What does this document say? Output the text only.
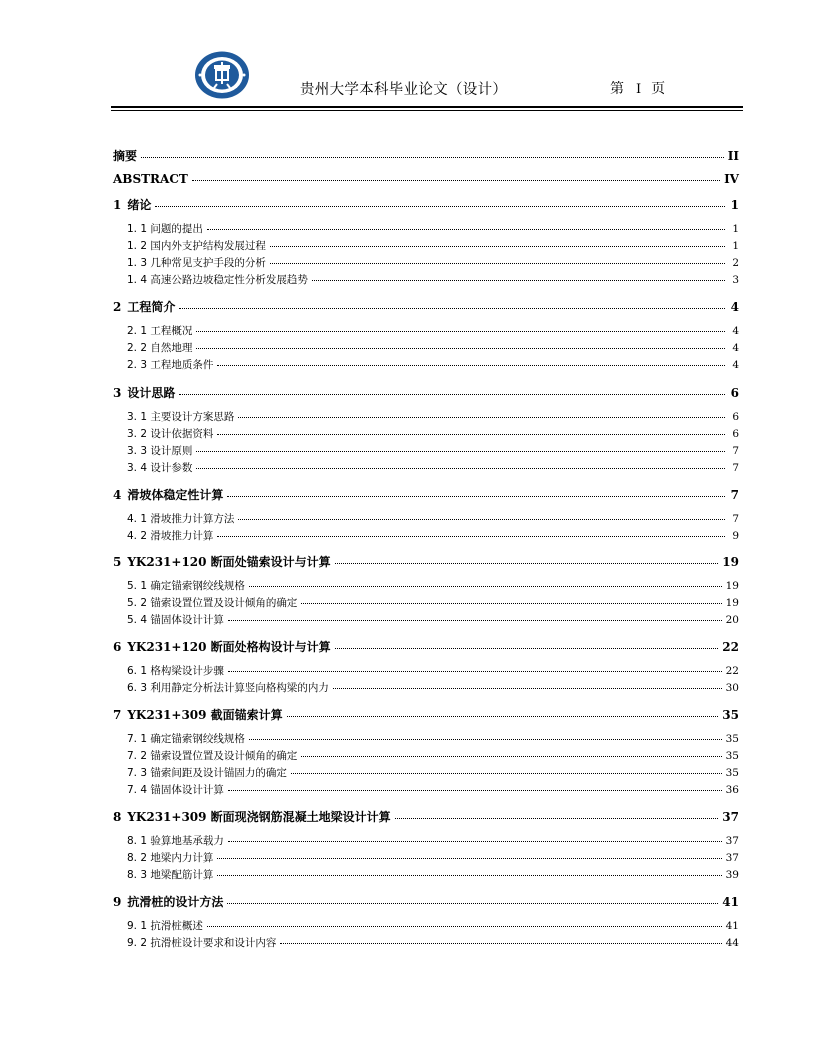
贵州大学本科毕业论文（设计）	第 I 页
摘要	II
ABSTRACT	IV
1 绪论	1
1. 1 问题的提出	1
1. 2 国内外支护结构发展过程	1
1. 3 几种常见支护手段的分析	2
1. 4 高速公路边坡稳定性分析发展趋势	3
2 工程简介	4
2. 1 工程概况	4
2. 2 自然地理	4
2. 3 工程地质条件	4
3 设计思路	6
3. 1 主要设计方案思路	6
3. 2 设计依据资料	6
3. 3 设计原则	7
3. 4 设计参数	7
4 滑坡体稳定性计算	7
4. 1 滑坡推力计算方法	7
4. 2 滑坡推力计算	9
5 YK231+120 断面处锚索设计与计算	19
5. 1 确定锚索钢绞线规格	19
5. 2 锚索设置位置及设计倾角的确定	19
5. 4 锚固体设计计算	20
6 YK231+120 断面处格构设计与计算	22
6. 1 格构梁设计步骤	22
6. 3 利用静定分析法计算竖向格构梁的内力	30
7 YK231+309 截面锚索计算	35
7. 1 确定锚索钢绞线规格	35
7. 2 锚索设置位置及设计倾角的确定	35
7. 3 锚索间距及设计锚固力的确定	35
7. 4 锚固体设计计算	36
8 YK231+309 断面现浇钢筋混凝土地梁设计计算	37
8. 1 验算地基承载力	37
8. 2 地梁内力计算	37
8. 3 地梁配筋计算	39
9 抗滑桩的设计方法	41
9. 1 抗滑桩概述	41
9. 2 抗滑桩设计要求和设计内容	44
